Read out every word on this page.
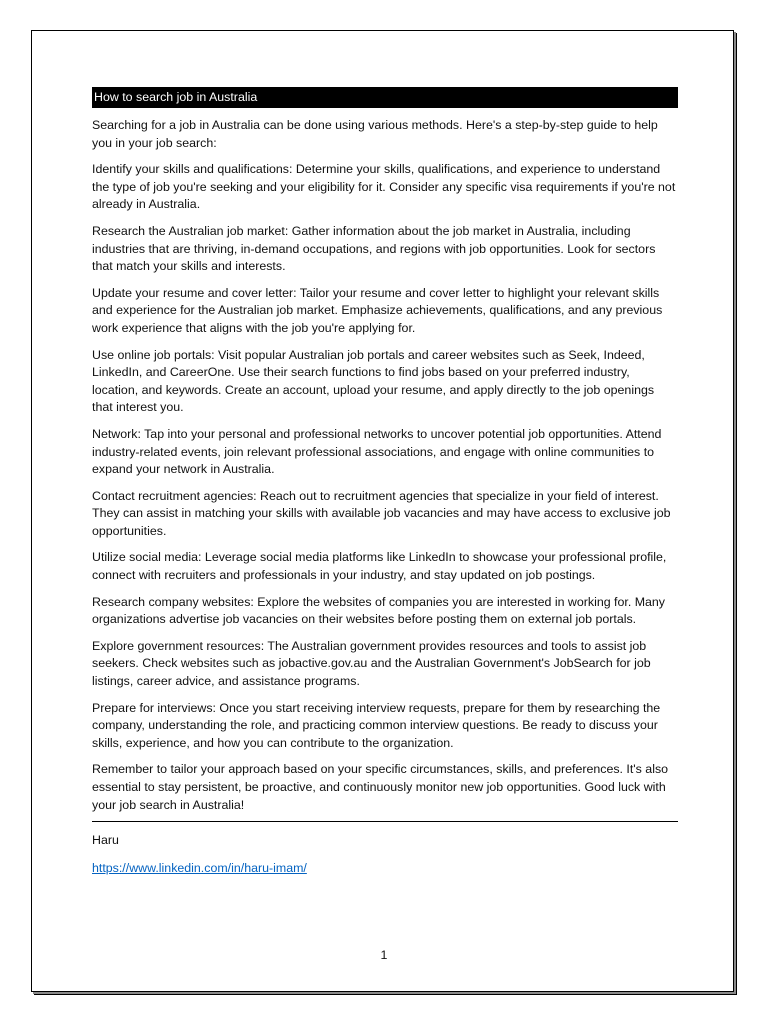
How to search job in Australia

Searching for a job in Australia can be done using various methods. Here's a step-by-step guide to help you in your job search:

Identify your skills and qualifications: Determine your skills, qualifications, and experience to understand the type of job you're seeking and your eligibility for it. Consider any specific visa requirements if you're not already in Australia.

Research the Australian job market: Gather information about the job market in Australia, including industries that are thriving, in-demand occupations, and regions with job opportunities. Look for sectors that match your skills and interests.

Update your resume and cover letter: Tailor your resume and cover letter to highlight your relevant skills and experience for the Australian job market. Emphasize achievements, qualifications, and any previous work experience that aligns with the job you're applying for.

Use online job portals: Visit popular Australian job portals and career websites such as Seek, Indeed, LinkedIn, and CareerOne. Use their search functions to find jobs based on your preferred industry, location, and keywords. Create an account, upload your resume, and apply directly to the job openings that interest you.

Network: Tap into your personal and professional networks to uncover potential job opportunities. Attend industry-related events, join relevant professional associations, and engage with online communities to expand your network in Australia.

Contact recruitment agencies: Reach out to recruitment agencies that specialize in your field of interest. They can assist in matching your skills with available job vacancies and may have access to exclusive job opportunities.

Utilize social media: Leverage social media platforms like LinkedIn to showcase your professional profile, connect with recruiters and professionals in your industry, and stay updated on job postings.

Research company websites: Explore the websites of companies you are interested in working for. Many organizations advertise job vacancies on their websites before posting them on external job portals.

Explore government resources: The Australian government provides resources and tools to assist job seekers. Check websites such as jobactive.gov.au and the Australian Government's JobSearch for job listings, career advice, and assistance programs.

Prepare for interviews: Once you start receiving interview requests, prepare for them by researching the company, understanding the role, and practicing common interview questions. Be ready to discuss your skills, experience, and how you can contribute to the organization.

Remember to tailor your approach based on your specific circumstances, skills, and preferences. It's also essential to stay persistent, be proactive, and continuously monitor new job opportunities. Good luck with your job search in Australia!

Haru

https://www.linkedin.com/in/haru-imam/
1
